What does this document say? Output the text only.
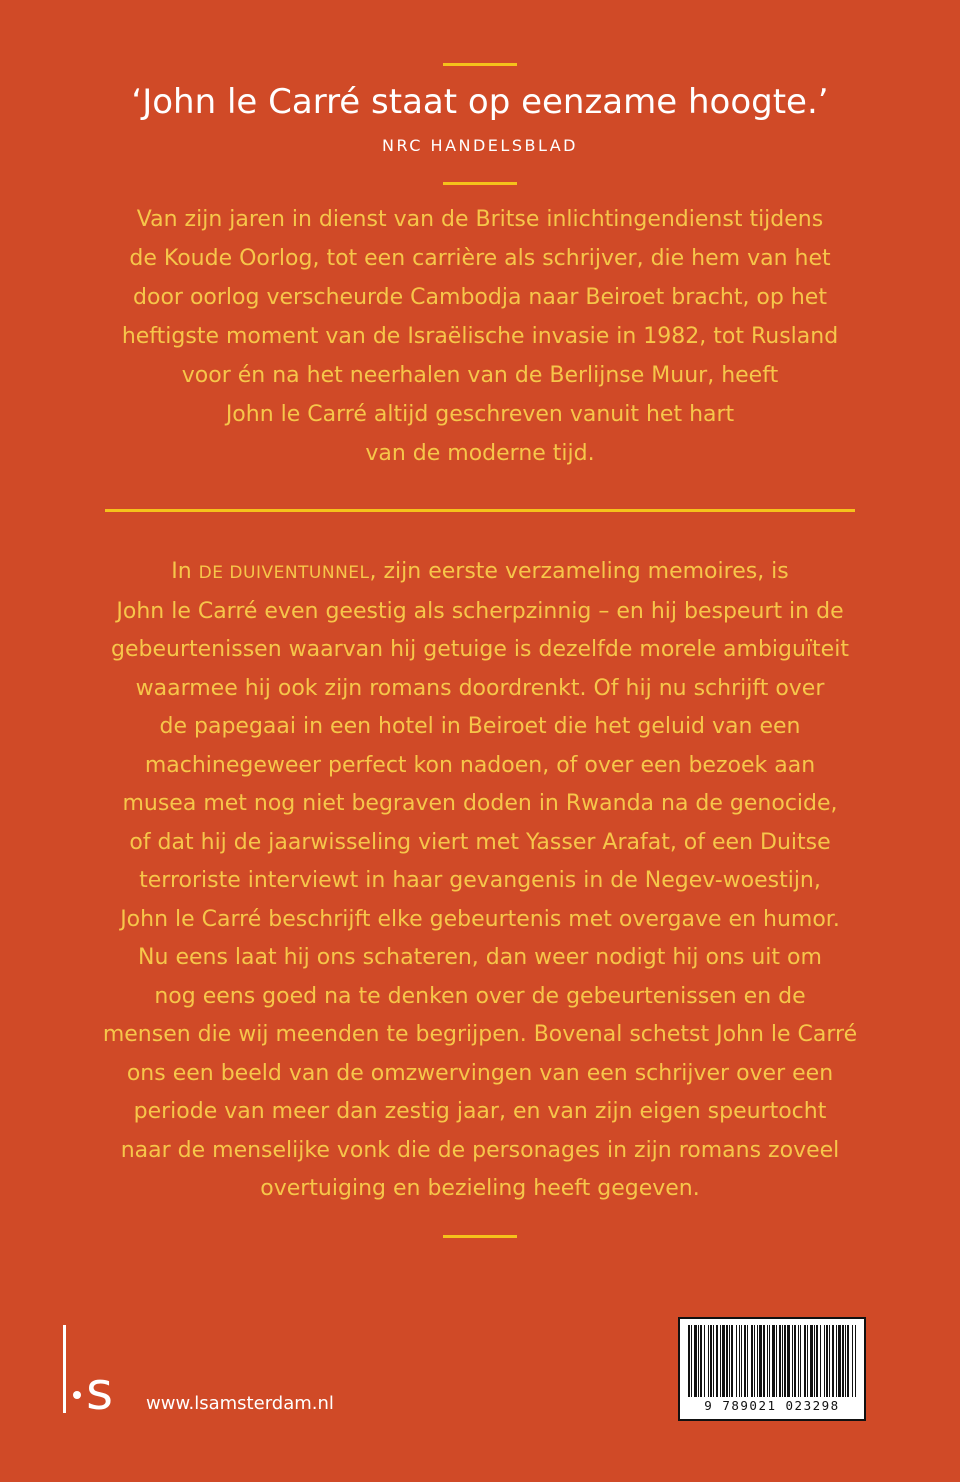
‘John le Carré staat op eenzame hoogte.’
NRC HANDELSBLAD
Van zijn jaren in dienst van de Britse inlichtingendienst tijdens
de Koude Oorlog, tot een carrière als schrijver, die hem van het
door oorlog verscheurde Cambodja naar Beiroet bracht, op het
heftigste moment van de Israëlische invasie in 1982, tot Rusland
voor én na het neerhalen van de Berlijnse Muur, heeft
John le Carré altijd geschreven vanuit het hart
van de moderne tijd.
In DE DUIVENTUNNEL, zijn eerste verzameling memoires, is
John le Carré even geestig als scherpzinnig – en hij bespeurt in de
gebeurtenissen waarvan hij getuige is dezelfde morele ambiguïteit
waarmee hij ook zijn romans doordrenkt. Of hij nu schrijft over
de papegaai in een hotel in Beiroet die het geluid van een
machinegeweer perfect kon nadoen, of over een bezoek aan
musea met nog niet begraven doden in Rwanda na de genocide,
of dat hij de jaarwisseling viert met Yasser Arafat, of een Duitse
terroriste interviewt in haar gevangenis in de Negev-woestijn,
John le Carré beschrijft elke gebeurtenis met overgave en humor.
Nu eens laat hij ons schateren, dan weer nodigt hij ons uit om
nog eens goed na te denken over de gebeurtenissen en de
mensen die wij meenden te begrijpen. Bovenal schetst John le Carré
ons een beeld van de omzwervingen van een schrijver over een
periode van meer dan zestig jaar, en van zijn eigen speurtocht
naar de menselijke vonk die de personages in zijn romans zoveel
overtuiging en bezieling heeft gegeven.
s www.lsamsterdam.nl	9 789021 023298
